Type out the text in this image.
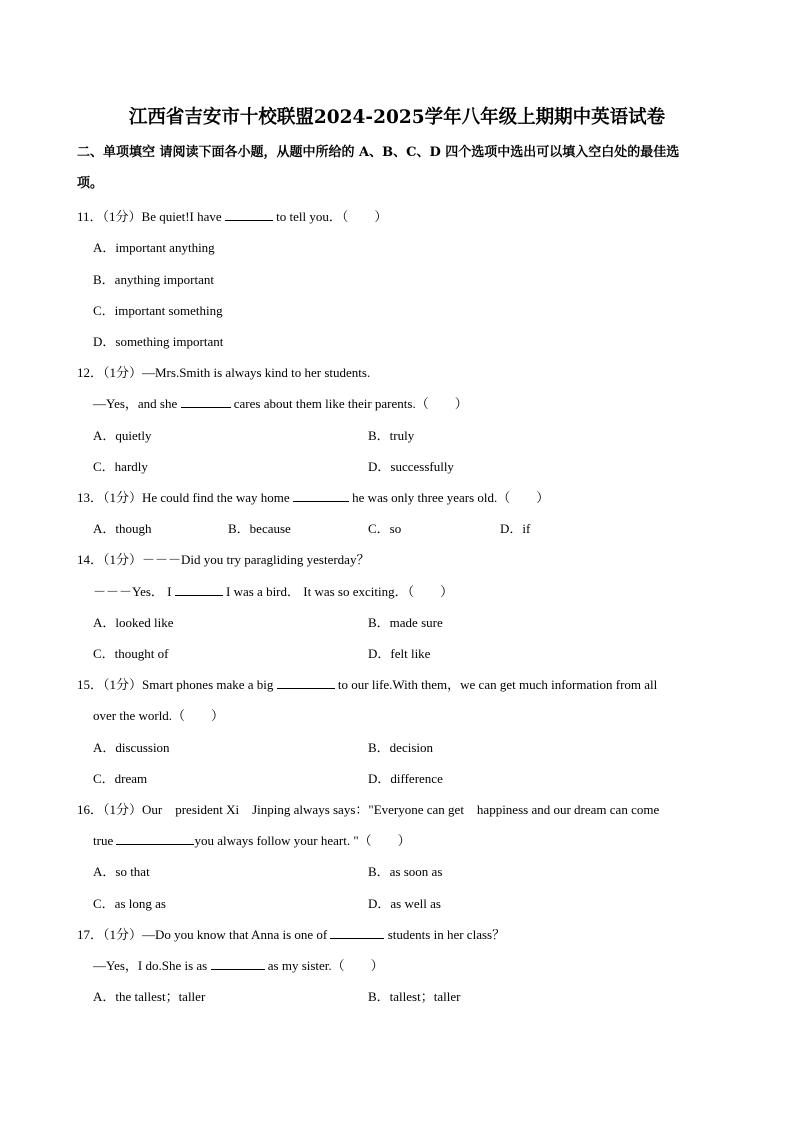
江西省吉安市十校联盟2024-2025学年八年级上期期中英语试卷
二、单项填空 请阅读下面各小题，从题中所给的 A、B、C、D 四个选项中选出可以填入空白处的最佳选
项。
11．（1分）Be quiet!I have	to tell you．（　　）
A．important anything
B．anything important
C．important something
D．something important
12．（1分）—Mrs.Smith is always kind to her students.
—Yes，and she	cares about them like their parents.（　　）
A．quietly	B．truly
C．hardly	D．successfully
13．（1分）He could find the way home	he was only three years old.（　　）
A．though	B．because	C．so	D．if
14．（1分）－－－Did you try paragliding yesterday？
－－－Yes． I	I was a bird． It was so exciting．（　　）
A．looked like	B．made sure
C．thought of	D．felt like
15．（1分）Smart phones make a big	to our life.With them，we can get much information from all
over the world.（　　）
A．discussion	B．decision
C．dream	D．difference
16．（1分）Our    president Xi    Jinping always says："Everyone can get    happiness and our dream can come
true	you always follow your heart. "（　　）
A．so that	B．as soon as
C．as long as	D．as well as
17．（1分）—Do you know that Anna is one of	students in her class？
—Yes，I do.She is as	as my sister.（　　）
A．the tallest；taller	B．tallest；taller
